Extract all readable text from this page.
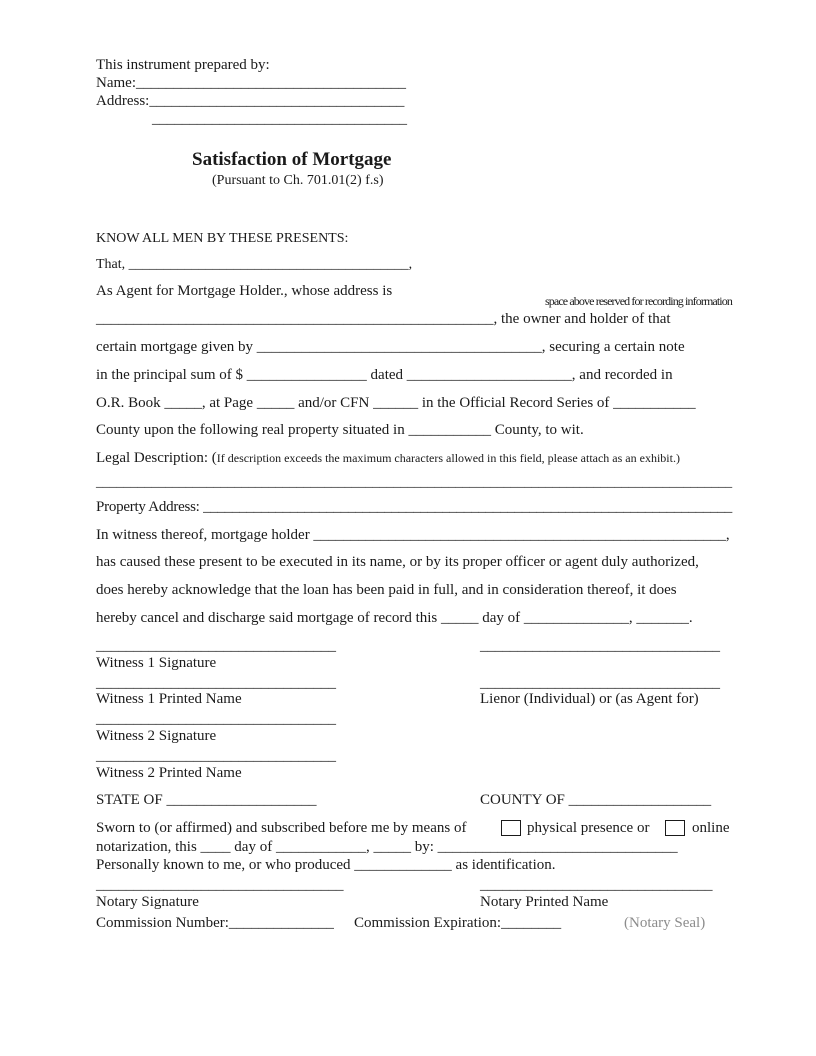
This instrument prepared by:
Name:____________________________________
Address:__________________________________
__________________________________
Satisfaction of Mortgage
(Pursuant to Ch. 701.01(2) f.s)
space above reserved for recording information
KNOW ALL MEN BY THESE PRESENTS:
That, ________________________________________,
As Agent for Mortgage Holder., whose address is
_____________________________________________________, the owner and holder of that
certain mortgage given by ______________________________________, securing a certain note
in the principal sum of $ ________________ dated ______________________, and recorded in
O.R. Book _____, at Page _____ and/or CFN ______ in the Official Record Series of ___________
County upon the following real property situated in ___________ County, to wit.
Legal Description: (If description exceeds the maximum characters allowed in this field, please attach as an exhibit.)
____________________________________________________________________________________________
Property Address: _________________________________________________________________________
In witness thereof, mortgage holder _______________________________________________________,
has caused these present to be executed in its name, or by its proper officer or agent duly authorized,
does hereby acknowledge that the loan has been paid in full, and in consideration thereof, it does
hereby cancel and discharge said mortgage of record this _____ day of ______________, _______.
________________________________	________________________________
Witness 1 Signature
________________________________	________________________________
Witness 1 Printed Name	Lienor (Individual) or (as Agent for)
________________________________
Witness 2 Signature
________________________________
Witness 2 Printed Name
STATE OF ____________________	COUNTY OF ___________________
Sworn to (or affirmed) and subscribed before me by means of	physical presence or	online
notarization, this ____ day of ____________, _____ by: ________________________________
Personally known to me, or who produced _____________ as identification.
_________________________________	_______________________________
Notary Signature	Notary Printed Name
Commission Number:______________ Commission Expiration:________	(Notary Seal)
